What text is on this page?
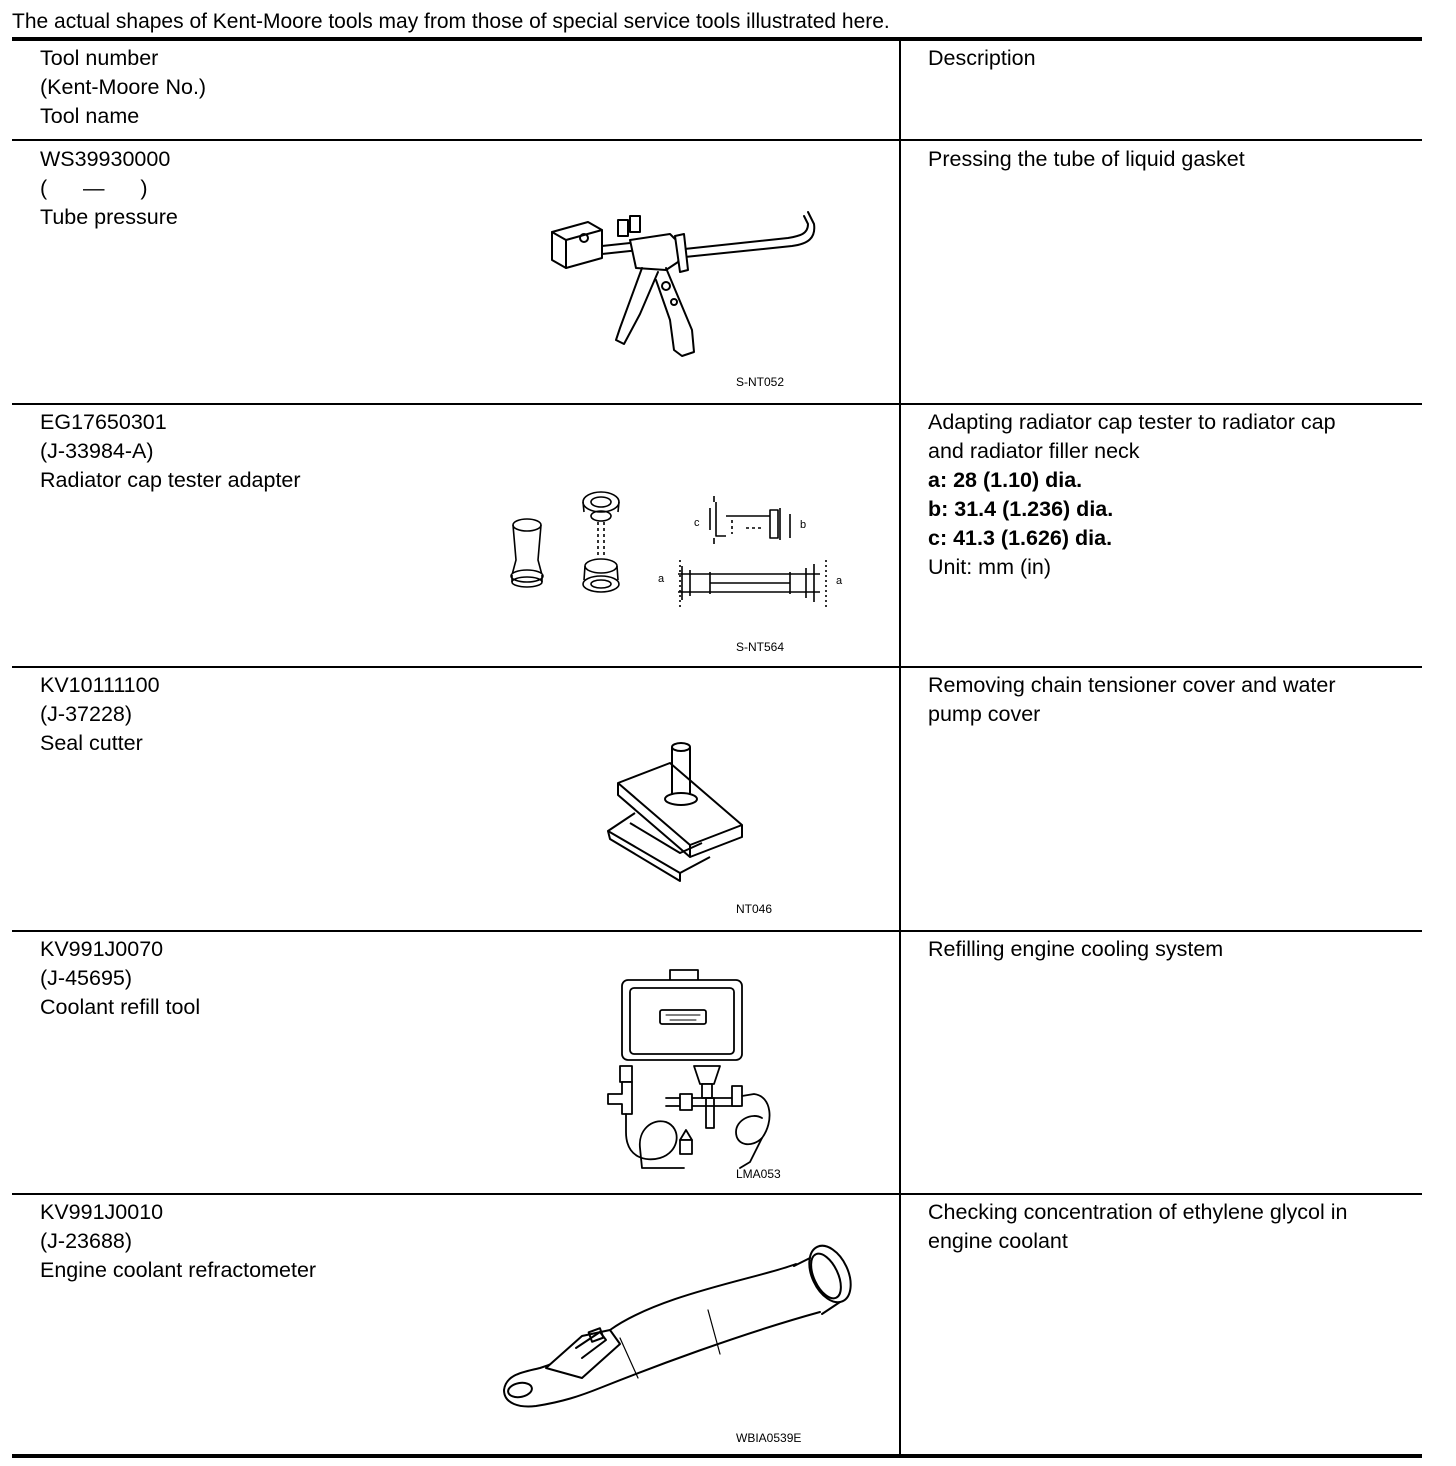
The actual shapes of Kent-Moore tools may from those of special service tools illustrated here.
Tool number
(Kent-Moore No.)
Tool name
Description
WS39930000
(      —      )
Tube pressure
Pressing the tube of liquid gasket
S-NT052
EG17650301
(J-33984-A)
Radiator cap tester adapter
Adapting radiator cap tester to radiator cap
and radiator filler neck
a: 28 (1.10) dia.
b: 31.4 (1.236) dia.
c: 41.3 (1.626) dia.
Unit: mm (in)
c	b
a	a
S-NT564
KV10111100
(J-37228)
Seal cutter
Removing chain tensioner cover and water
pump cover
NT046
KV991J0070
(J-45695)
Coolant refill tool
Refilling engine cooling system
LMA053
KV991J0010
(J-23688)
Engine coolant refractometer
Checking concentration of ethylene glycol in
engine coolant
WBIA0539E
